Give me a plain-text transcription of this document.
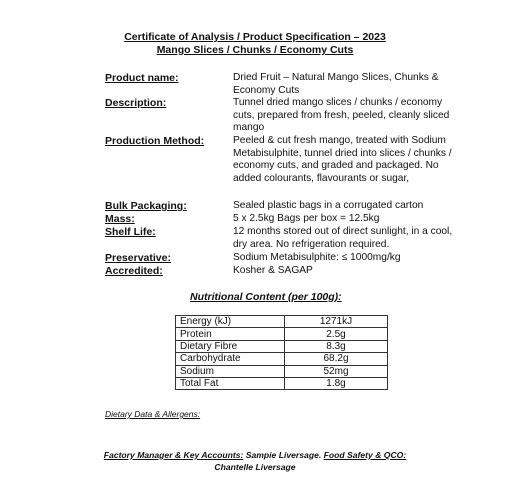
Certificate of Analysis / Product Specification – 2023
Mango Slices / Chunks / Economy Cuts
Product name:	Dried Fruit – Natural Mango Slices, Chunks & Economy Cuts
Description:	Tunnel dried mango slices / chunks / economy cuts, prepared from fresh, peeled, cleanly sliced mango
Production Method:	Peeled & cut fresh mango, treated with Sodium Metabisulphite, tunnel dried into slices / chunks / economy cuts, and graded and packaged. No added colourants, flavourants or sugar,
Bulk Packaging:	Sealed plastic bags in a corrugated carton
Mass:	5 x 2.5kg Bags per box = 12.5kg
Shelf Life:	12 months stored out of direct sunlight, in a cool, dry area. No refrigeration required.
Preservative:	Sodium Metabisulphite: ≤ 1000mg/kg
Accredited:	Kosher & SAGAP
Nutritional Content (per 100g):
Energy (kJ)	1271kJ
Protein	2.5g
Dietary Fibre	8.3g
Carbohydrate	68.2g
Sodium	52mg
Total Fat	1.8g
Dietary Data & Allergens:
Factory Manager & Key Accounts: Sampie Liversage. Food Safety & QCO:
Chantelle Liversage
